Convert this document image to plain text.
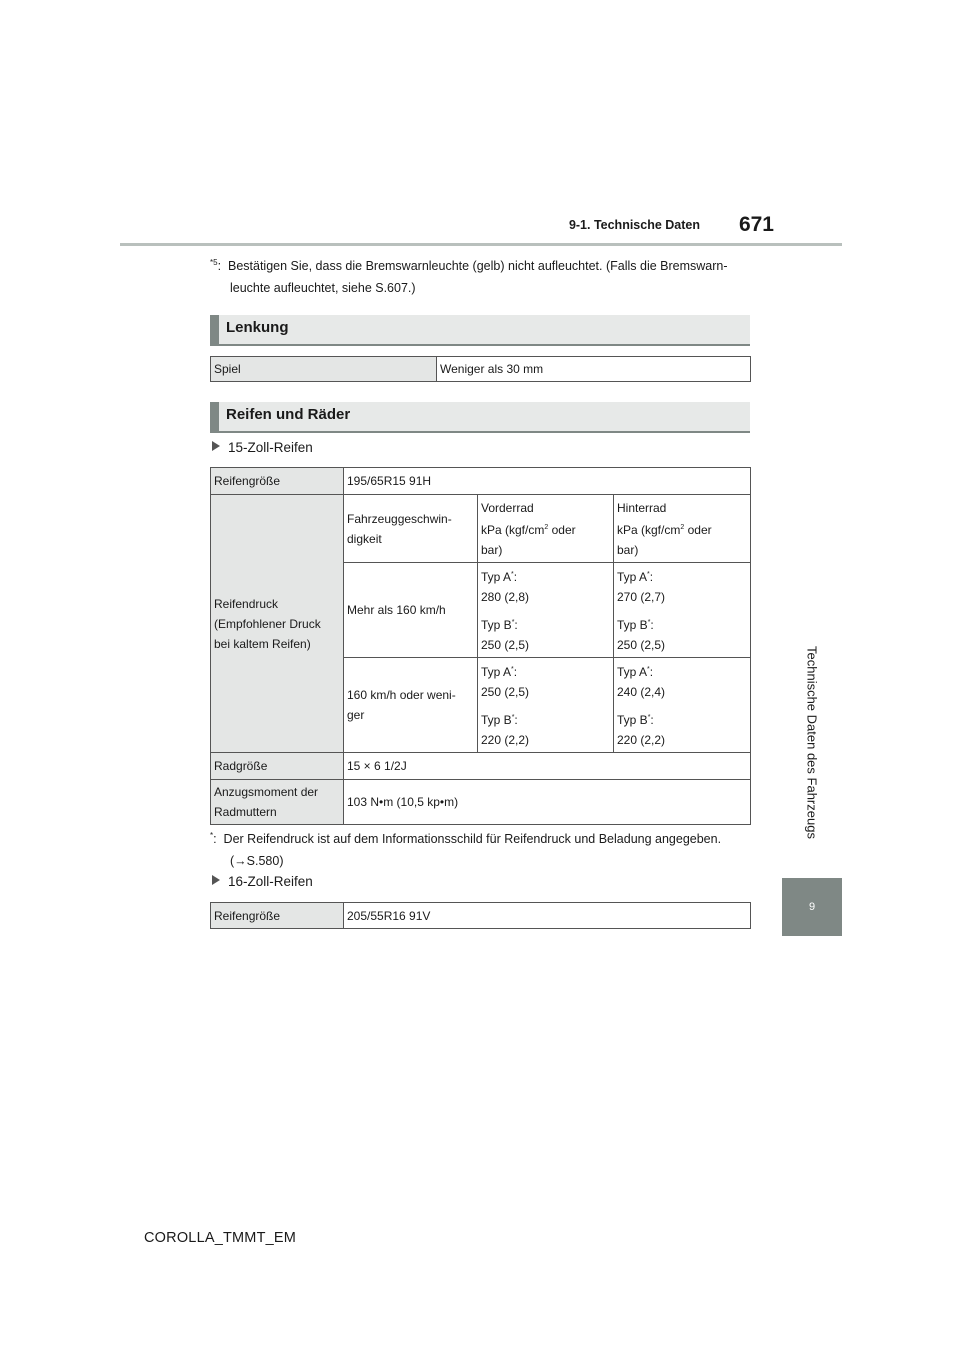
9-1. Technische Daten	671
Technische Daten des Fahrzeugs
9
$^{*5}$:  Bestätigen Sie, dass die Bremswarnleuchte (gelb) nicht aufleuchtet. (Falls die Bremswarn-
leuchte aufleuchtet, siehe S.607.)
Lenkung
Spiel	Weniger als 30 mm
Reifen und Räder
15-Zoll-Reifen
Reifengröße	195/65R15 91H		

Reifendruck
(Empfohlener Druck
bei kaltem Reifen)	Fahrzeuggeschwin-
digkeit	Vorderrad
kPa ($kgf/cm^2$ oder
bar)	Hinterrad
kPa ($kgf/cm^2$ oder
bar)

	Mehr als 160 km/h	Typ A*:
280 (2,8)
Typ B*:
250 (2,5)	Typ A*:
270 (2,7)
Typ B*:
250 (2,5)

	160 km/h oder weni-
ger	Typ A*:
250 (2,5)
Typ B*:
220 (2,2)	Typ A*:
240 (2,4)
Typ B*:
220 (2,2)

Radgröße	15 × 6 1/2J		

Anzugsmoment der
Radmuttern	103 N•m (10,5 kp•m)		
*:  Der Reifendruck ist auf dem Informationsschild für Reifendruck und Beladung angegeben.
(→S.580)
16-Zoll-Reifen
Reifengröße	205/55R16 91V
COROLLA_TMMT_EM
